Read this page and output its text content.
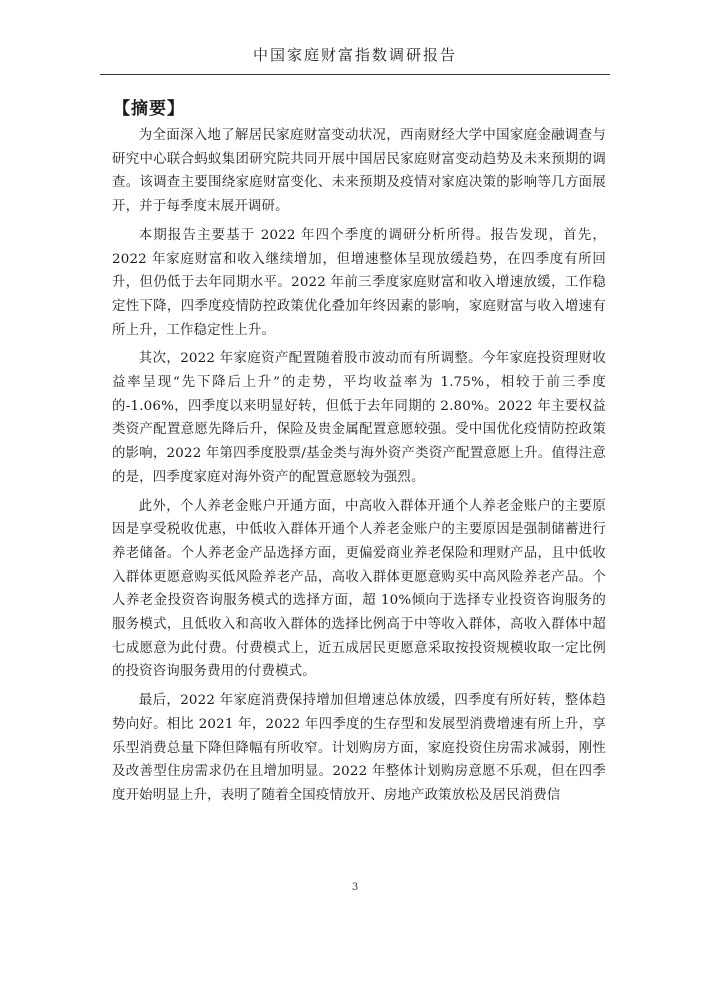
中国家庭财富指数调研报告
【摘要】

为全面深入地了解居民家庭财富变动状况，西南财经大学中国家庭金融调查与研究中心联合蚂蚁集团研究院共同开展中国居民家庭财富变动趋势及未来预期的调查。该调查主要围绕家庭财富变化、未来预期及疫情对家庭决策的影响等几方面展开，并于每季度末展开调研。

本期报告主要基于 2022 年四个季度的调研分析所得。报告发现，首先，2022 年家庭财富和收入继续增加，但增速整体呈现放缓趋势，在四季度有所回升，但仍低于去年同期水平。2022 年前三季度家庭财富和收入增速放缓，工作稳定性下降，四季度疫情防控政策优化叠加年终因素的影响，家庭财富与收入增速有所上升，工作稳定性上升。

其次，2022 年家庭资产配置随着股市波动而有所调整。今年家庭投资理财收益率呈现“先下降后上升”的走势，平均收益率为 1.75%，相较于前三季度的-1.06%，四季度以来明显好转，但低于去年同期的 2.80%。2022 年主要权益类资产配置意愿先降后升，保险及贵金属配置意愿较强。受中国优化疫情防控政策的影响，2022 年第四季度股票/基金类与海外资产类资产配置意愿上升。值得注意的是，四季度家庭对海外资产的配置意愿较为强烈。

此外，个人养老金账户开通方面，中高收入群体开通个人养老金账户的主要原因是享受税收优惠，中低收入群体开通个人养老金账户的主要原因是强制储蓄进行养老储备。个人养老金产品选择方面，更偏爱商业养老保险和理财产品，且中低收入群体更愿意购买低风险养老产品，高收入群体更愿意购买中高风险养老产品。个人养老金投资咨询服务模式的选择方面，超 10%倾向于选择专业投资咨询服务的服务模式，且低收入和高收入群体的选择比例高于中等收入群体，高收入群体中超七成愿意为此付费。付费模式上，近五成居民更愿意采取按投资规模收取一定比例的投资咨询服务费用的付费模式。

最后，2022 年家庭消费保持增加但增速总体放缓，四季度有所好转，整体趋势向好。相比 2021 年，2022 年四季度的生存型和发展型消费增速有所上升，享乐型消费总量下降但降幅有所收窄。计划购房方面，家庭投资住房需求减弱，刚性及改善型住房需求仍在且增加明显。2022 年整体计划购房意愿不乐观，但在四季度开始明显上升，表明了随着全国疫情放开、房地产政策放松及居民消费信

3
